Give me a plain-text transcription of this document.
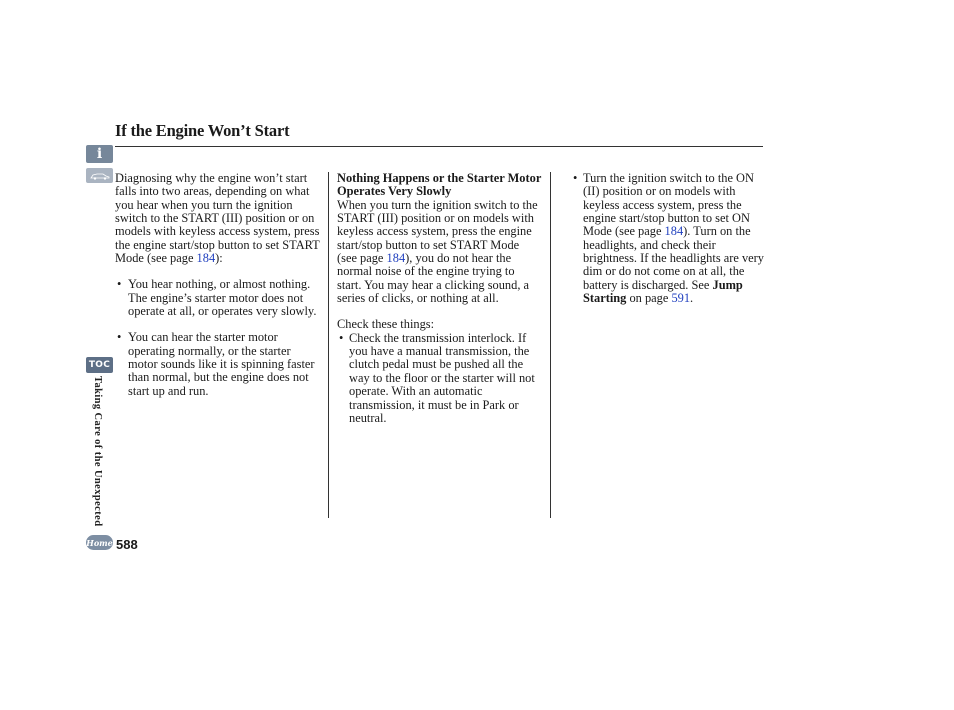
If the Engine Won’t Start
i
TOC
Taking Care of the Unexpected
Home 588

Diagnosing why the engine won’t start falls into two areas, depending on what you hear when you turn the ignition switch to the START (III) position or on models with keyless access system, press the engine start/stop button to set START Mode (see page 184):

• You hear nothing, or almost nothing. The engine’s starter motor does not operate at all, or operates very slowly.

• You can hear the starter motor operating normally, or the starter motor sounds like it is spinning faster than normal, but the engine does not start up and run.

Nothing Happens or the Starter Motor Operates Very Slowly

When you turn the ignition switch to the START (III) position or on models with keyless access system, press the engine start/stop button to set START Mode (see page 184), you do not hear the normal noise of the engine trying to start. You may hear a clicking sound, a series of clicks, or nothing at all.

Check these things:

• Check the transmission interlock. If you have a manual transmission, the clutch pedal must be pushed all the way to the floor or the starter will not operate. With an automatic transmission, it must be in Park or neutral.

• Turn the ignition switch to the ON (II) position or on models with keyless access system, press the engine start/stop button to set ON Mode (see page 184). Turn on the headlights, and check their brightness. If the headlights are very dim or do not come on at all, the battery is discharged. See Jump Starting on page 591.
